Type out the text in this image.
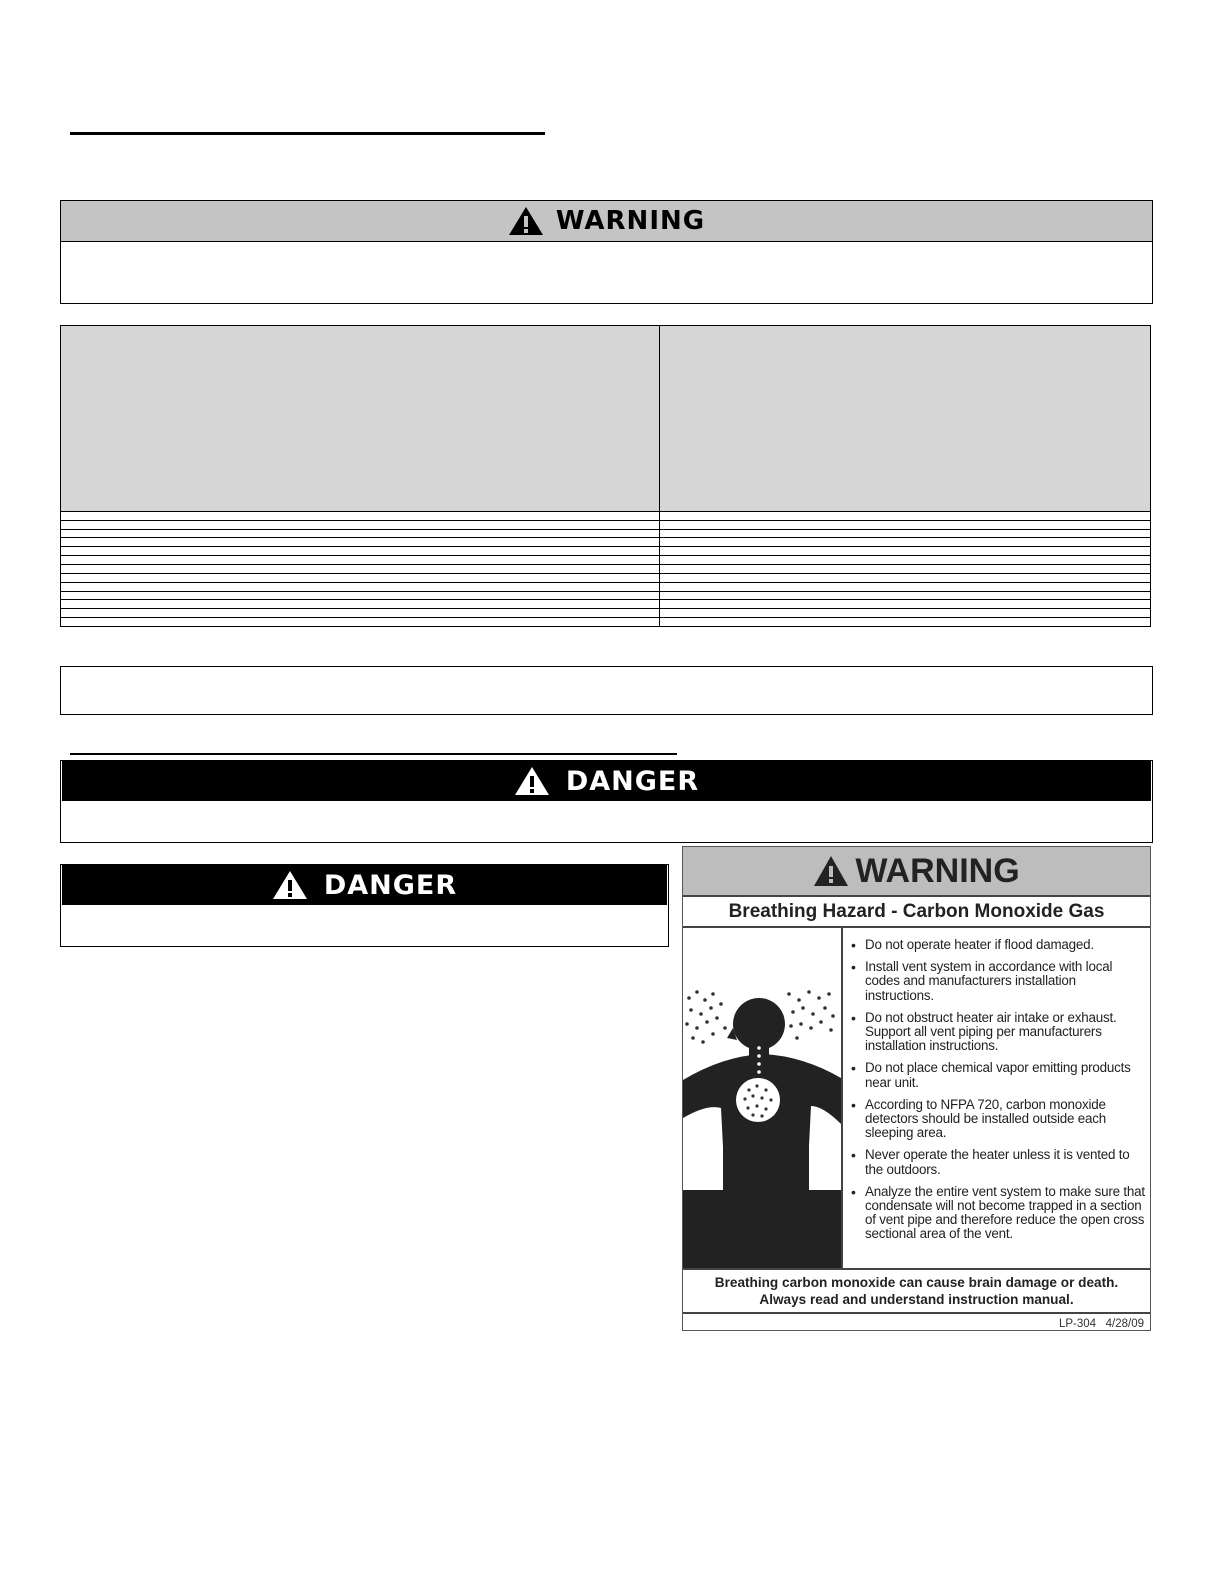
WARNING

DANGER
DANGER	WARNING
Breathing Hazard - Carbon Monoxide Gas
• Do not operate heater if flood damaged.
• Install vent system in accordance with local codes and manufacturers installation instructions.
• Do not obstruct heater air intake or exhaust. Support all vent piping per manufacturers installation instructions.
• Do not place chemical vapor emitting products near unit.
• According to NFPA 720, carbon monoxide detectors should be installed outside each sleeping area.
• Never operate the heater unless it is vented to the outdoors.
• Analyze the entire vent system to make sure that condensate will not become trapped in a section of vent pipe and therefore reduce the open cross sectional area of the vent.
Breathing carbon monoxide can cause brain damage or death.
Always read and understand instruction manual.
LP-304   4/28/09
